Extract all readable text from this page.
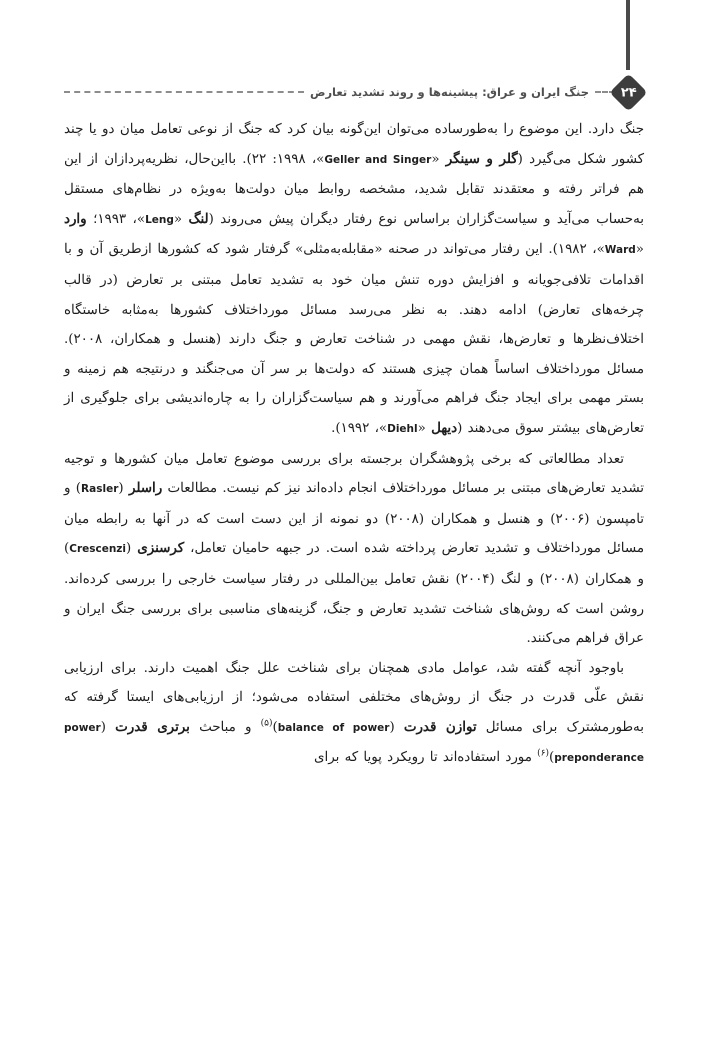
۲۴
جنگ ایران و عراق: پیشینه‌ها و روند تشدید تعارض

جنگ دارد. این موضوع را به‌طورساده می‌توان این‌گونه بیان کرد که جنگ از نوعی تعامل میان دو یا چند کشور شکل می‌گیرد (گلر و سینگر «Geller and Singer»، ۱۹۹۸: ۲۲). بااین‌حال، نظریه‌پردازان از این هم فراتر رفته و معتقدند تقابل شدید، مشخصه روابط میان دولت‌ها به‌ویژه در نظام‌های مستقل به‌حساب می‌آید و سیاست‌گزاران براساس نوع رفتار دیگران پیش می‌روند (لنگ «Leng»، ۱۹۹۳؛ وارد «Ward»، ۱۹۸۲). این رفتار می‌تواند در صحنه «مقابله‌به‌مثلی» گرفتار شود که کشورها ازطریق آن و با اقدامات تلافی‌جویانه و افزایش دوره تنش میان خود به تشدید تعامل مبتنی بر تعارض (در قالب چرخه‌های تعارض) ادامه دهند. به نظر می‌رسد مسائل مورداختلاف کشورها به‌مثابه خاستگاه اختلاف‌نظرها و تعارض‌ها، نقش مهمی در شناخت تعارض و جنگ دارند (هنسل و همکاران، ۲۰۰۸). مسائل مورداختلاف اساساً همان چیزی هستند که دولت‌ها بر سر آن می‌جنگند و درنتیجه هم زمینه و بستر مهمی برای ایجاد جنگ فراهم می‌آورند و هم سیاست‌گزاران را به چاره‌اندیشی برای جلوگیری از تعارض‌های بیشتر سوق می‌دهند (دیهل «Diehl»، ۱۹۹۲).

تعداد مطالعاتی که برخی پژوهشگران برجسته برای بررسی موضوع تعامل میان کشورها و توجیه تشدید تعارض‌های مبتنی بر مسائل مورداختلاف انجام داده‌اند نیز کم نیست. مطالعات راسلر (Rasler) و تامپسون (۲۰۰۶) و هنسل و همکاران (۲۰۰۸) دو نمونه از این دست است که در آنها به رابطه میان مسائل مورداختلاف و تشدید تعارض پرداخته شده است. در جبهه حامیان تعامل، کرسنزی (Crescenzi) و همکاران (۲۰۰۸) و لنگ (۲۰۰۴) نقش تعامل بین‌المللی در رفتار سیاست خارجی را بررسی کرده‌اند. روشن است که روش‌های شناخت تشدید تعارض و جنگ، گزینه‌های مناسبی برای بررسی جنگ ایران و عراق فراهم می‌کنند.

باوجود آنچه گفته شد، عوامل مادی همچنان برای شناخت علل جنگ اهمیت دارند. برای ارزیابی نقش علّی قدرت در جنگ از روش‌های مختلفی استفاده می‌شود؛ از ارزیابی‌های ایستا گرفته که به‌طورمشترک برای مسائل توازن قدرت (balance of power)$^{(۵)}$ و مباحث برتری قدرت (power preponderance)$^{(۶)}$ مورد استفاده‌اند تا رویکرد پویا که برای
